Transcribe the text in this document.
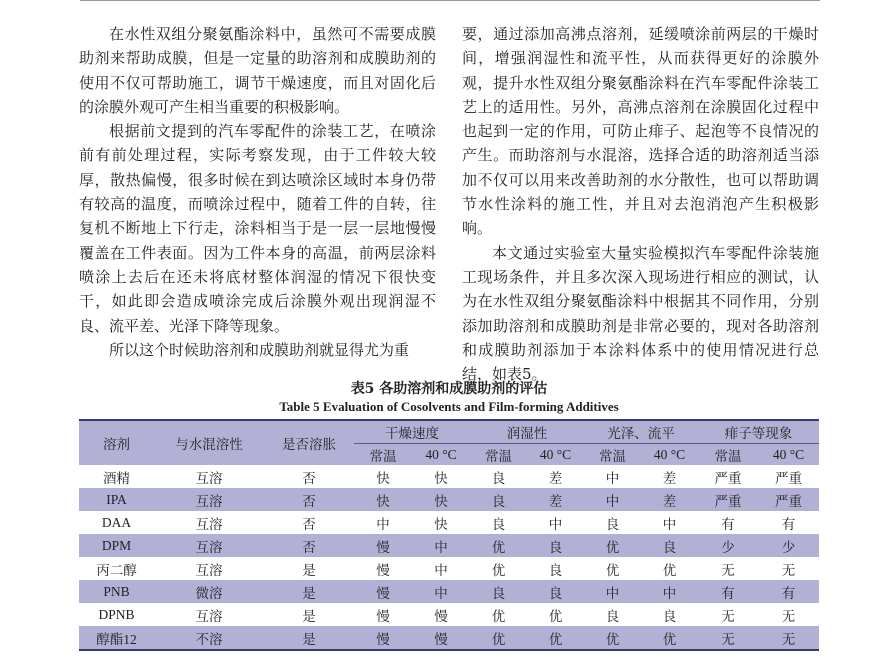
在水性双组分聚氨酯涂料中，虽然可不需要成膜助剂来帮助成膜，但是一定量的助溶剂和成膜助剂的使用不仅可帮助施工，调节干燥速度，而且对固化后的涂膜外观可产生相当重要的积极影响。

根据前文提到的汽车零配件的涂装工艺，在喷涂前有前处理过程，实际考察发现，由于工件较大较厚，散热偏慢，很多时候在到达喷涂区域时本身仍带有较高的温度，而喷涂过程中，随着工件的自转，往复机不断地上下行走，涂料相当于是一层一层地慢慢覆盖在工件表面。因为工件本身的高温，前两层涂料喷涂上去后在还未将底材整体润湿的情况下很快变干，如此即会造成喷涂完成后涂膜外观出现润湿不良、流平差、光泽下降等现象。

所以这个时候助溶剂和成膜助剂就显得尤为重

要，通过添加高沸点溶剂，延缓喷涂前两层的干燥时间，增强润湿性和流平性，从而获得更好的涂膜外观，提升水性双组分聚氨酯涂料在汽车零配件涂装工艺上的适用性。另外，高沸点溶剂在涂膜固化过程中也起到一定的作用，可防止痱子、起泡等不良情况的产生。而助溶剂与水混溶，选择合适的助溶剂适当添加不仅可以用来改善助剂的水分散性，也可以帮助调节水性涂料的施工性，并且对去泡消泡产生积极影响。

本文通过实验室大量实验模拟汽车零配件涂装施工现场条件，并且多次深入现场进行相应的测试，认为在水性双组分聚氨酯涂料中根据其不同作用，分别添加助溶剂和成膜助剂是非常必要的，现对各助溶剂和成膜助剂添加于本涂料体系中的使用情况进行总结，如表5。

表5 各助溶剂和成膜助剂的评估
Table 5 Evaluation of Cosolvents and Film-forming Additives
溶剂	与水混溶性	是否溶胀	干燥速度		润湿性		光泽、流平		痱子等现象	
			常温	40 °C	常温	40 °C	常温	40 °C	常温	40 °C
酒精	互溶	否	快	快	良	差	中	差	严重	严重
IPA	互溶	否	快	快	良	差	中	差	严重	严重
DAA	互溶	否	中	快	良	中	良	中	有	有
DPM	互溶	否	慢	中	优	良	优	良	少	少
丙二醇	互溶	是	慢	中	优	良	优	优	无	无
PNB	微溶	是	慢	中	良	良	中	中	有	有
DPNB	互溶	是	慢	慢	优	优	良	良	无	无
醇酯12	不溶	是	慢	慢	优	优	优	优	无	无
